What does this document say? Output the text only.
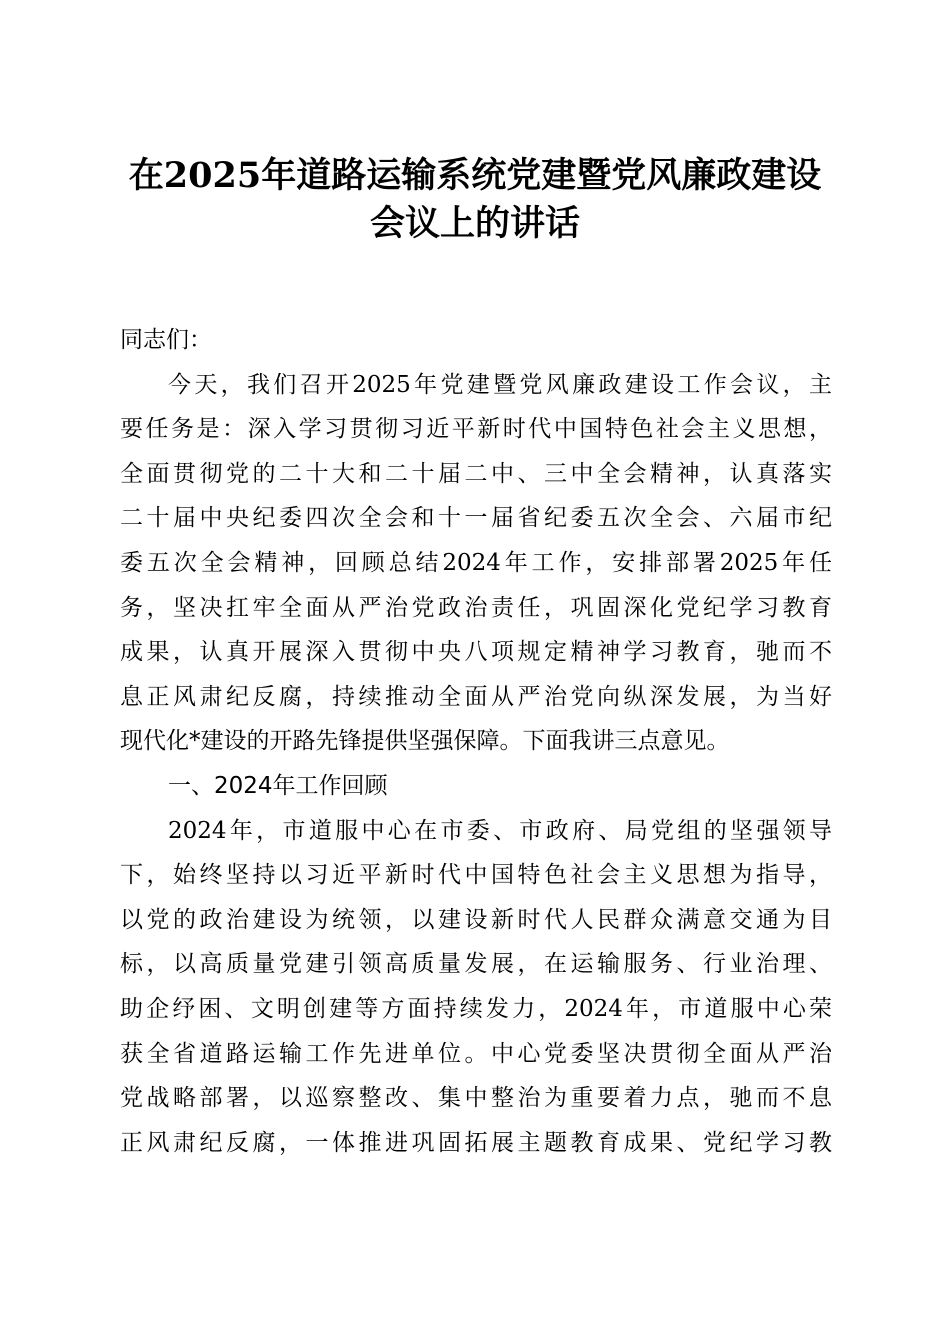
在2025年道路运输系统党建暨党风廉政建设
会议上的讲话
同志们：
今天，我们召开2025年党建暨党风廉政建设工作会议，主
要任务是：深入学习贯彻习近平新时代中国特色社会主义思想，
全面贯彻党的二十大和二十届二中、三中全会精神，认真落实
二十届中央纪委四次全会和十一届省纪委五次全会、六届市纪
委五次全会精神，回顾总结2024年工作，安排部署2025年任
务，坚决扛牢全面从严治党政治责任，巩固深化党纪学习教育
成果，认真开展深入贯彻中央八项规定精神学习教育，驰而不
息正风肃纪反腐，持续推动全面从严治党向纵深发展，为当好
现代化*建设的开路先锋提供坚强保障。下面我讲三点意见。
一、2024年工作回顾
2024年，市道服中心在市委、市政府、局党组的坚强领导
下，始终坚持以习近平新时代中国特色社会主义思想为指导，
以党的政治建设为统领，以建设新时代人民群众满意交通为目
标，以高质量党建引领高质量发展，在运输服务、行业治理、
助企纾困、文明创建等方面持续发力，2024年，市道服中心荣
获全省道路运输工作先进单位。中心党委坚决贯彻全面从严治
党战略部署，以巡察整改、集中整治为重要着力点，驰而不息
正风肃纪反腐，一体推进巩固拓展主题教育成果、党纪学习教
